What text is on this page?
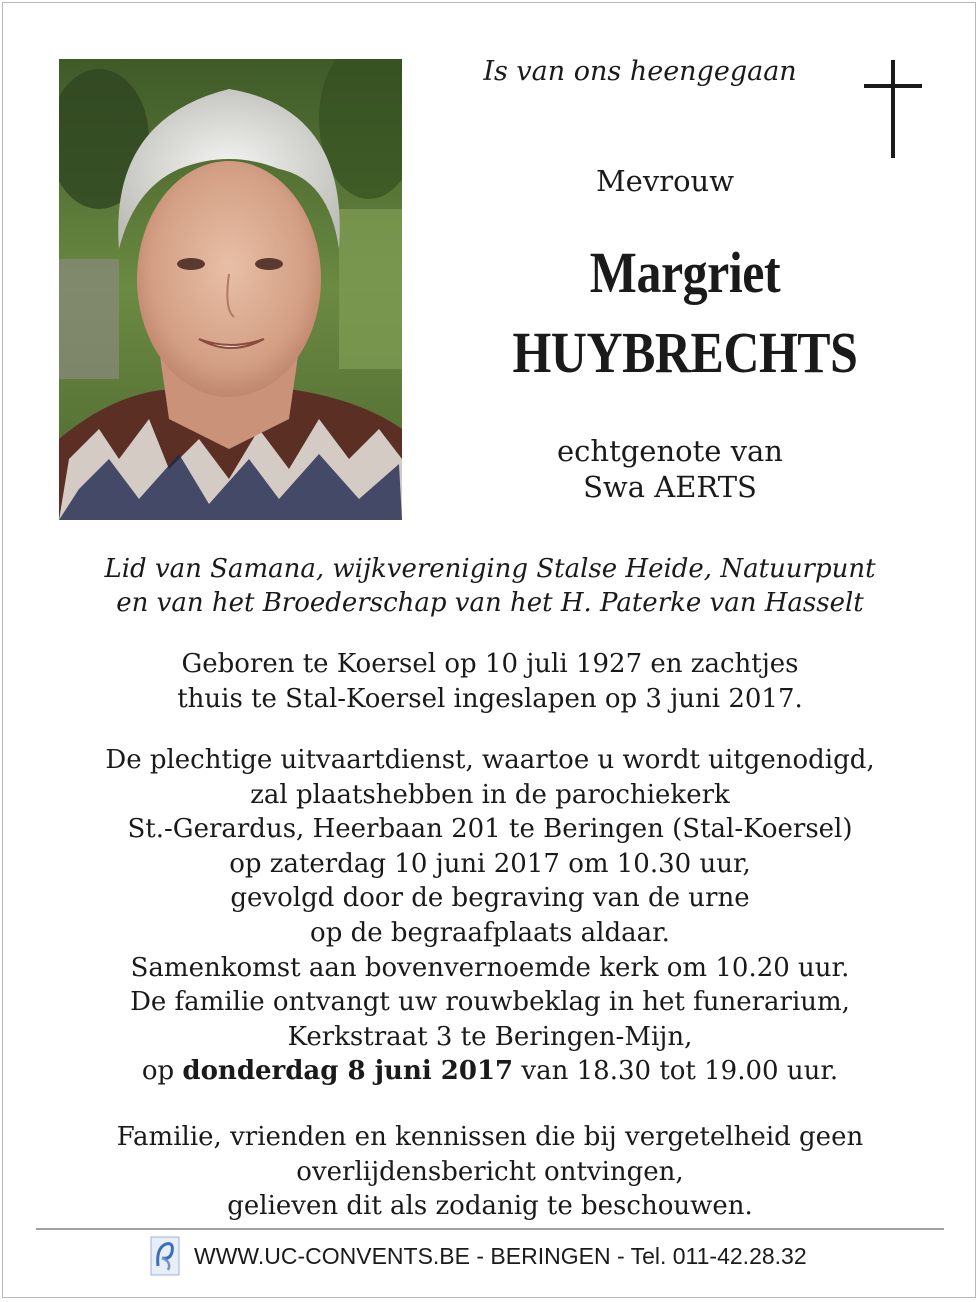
Is van ons heengegaan
Mevrouw
Margriet
HUYBRECHTS
echtgenote van
Swa AERTS
Lid van Samana, wijkvereniging Stalse Heide, Natuurpunt
en van het Broederschap van het H. Paterke van Hasselt
Geboren te Koersel op 10 juli 1927 en zachtjes
thuis te Stal-Koersel ingeslapen op 3 juni 2017.
De plechtige uitvaartdienst, waartoe u wordt uitgenodigd,
zal plaatshebben in de parochiekerk
St.-Gerardus, Heerbaan 201 te Beringen (Stal-Koersel)
op zaterdag 10 juni 2017 om 10.30 uur,
gevolgd door de begraving van de urne
op de begraafplaats aldaar.
Samenkomst aan bovenvernoemde kerk om 10.20 uur.
De familie ontvangt uw rouwbeklag in het funerarium,
Kerkstraat 3 te Beringen-Mijn,
op donderdag 8 juni 2017 van 18.30 tot 19.00 uur.
Familie, vrienden en kennissen die bij vergetelheid geen
overlijdensbericht ontvingen,
gelieven dit als zodanig te beschouwen.
WWW.UC-CONVENTS.BE - BERINGEN - Tel. 011-42.28.32
